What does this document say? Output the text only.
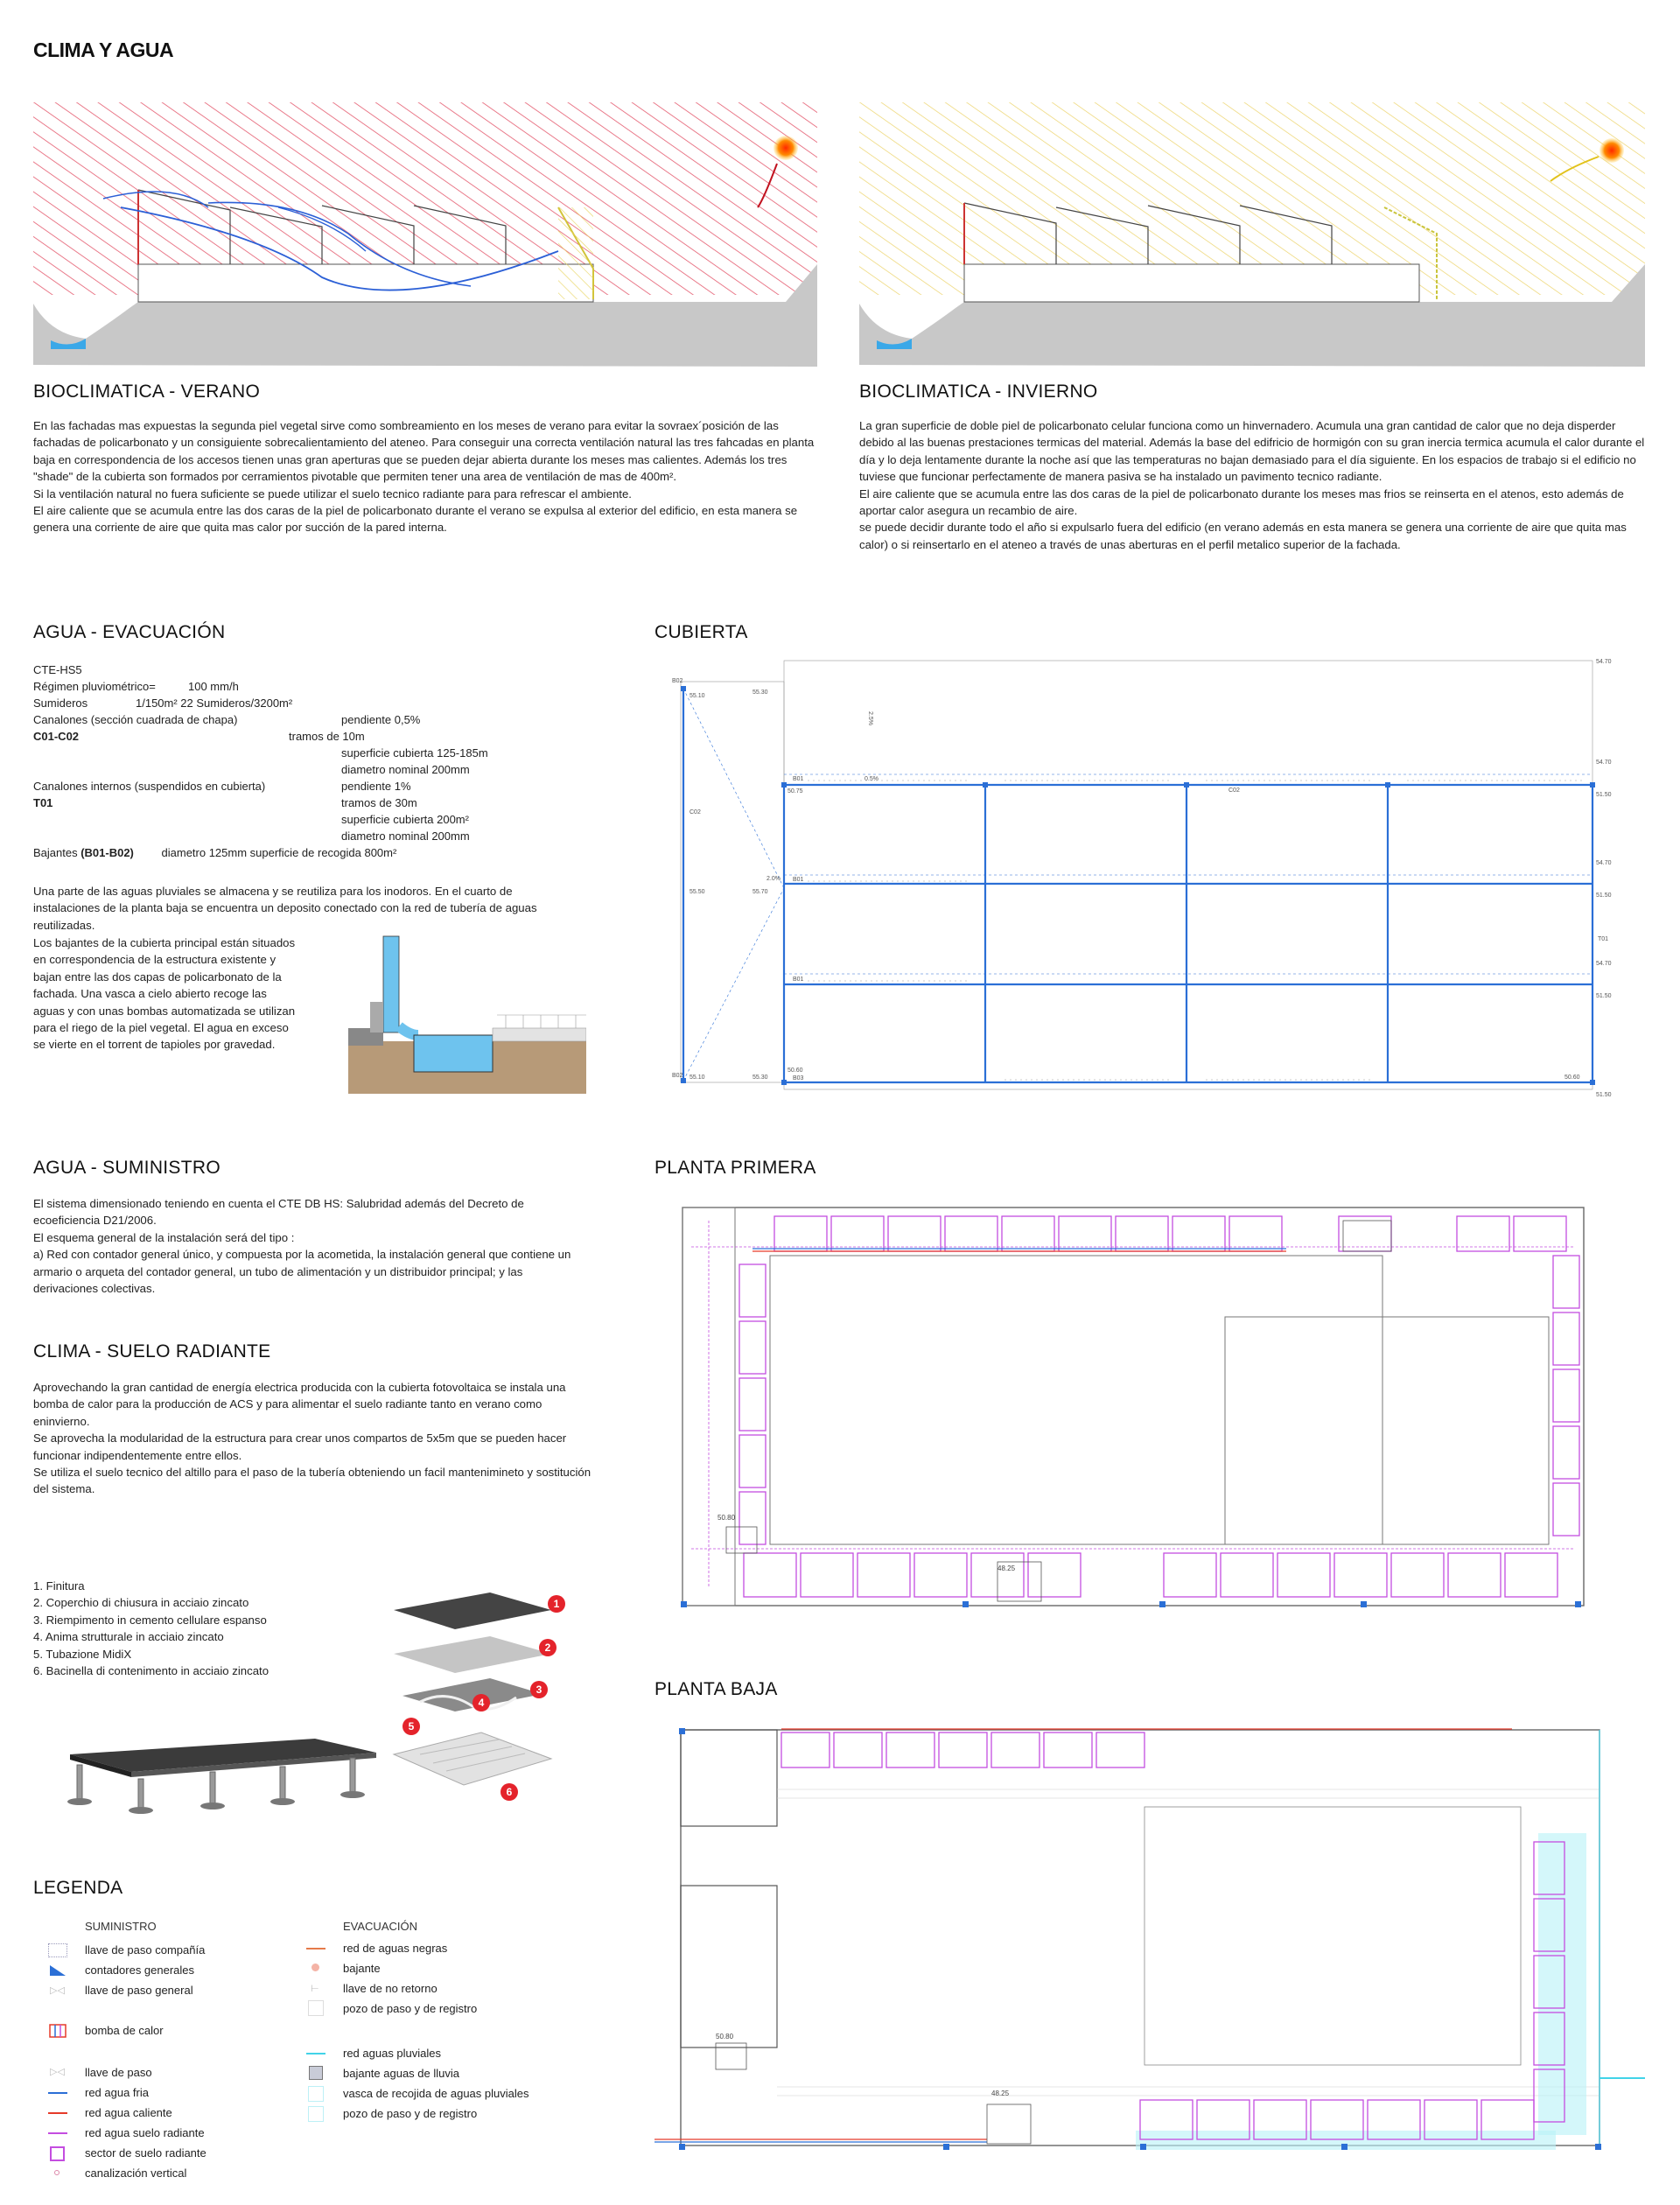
CLIMA Y AGUA
BIOCLIMATICA - VERANO

En las fachadas mas expuestas la segunda piel vegetal sirve como sombreamiento en los meses de verano para evitar la sovraex´posición de las fachadas de policarbonato y un consiguiente sobrecalientamiento del ateneo. Para conseguir una correcta ventilación natural las tres fahcadas en planta baja en correspondencia de los accesos tienen unas gran aperturas que se pueden dejar abierta durante los meses mas calientes. Además los tres "shade" de la cubierta son formados por cerramientos pivotable que permiten tener una area de ventilación de mas de 400m².

Si la ventilación natural no fuera suficiente se puede utilizar el suelo tecnico radiante para para refrescar el ambiente.

El aire caliente que se acumula entre las dos caras de la piel de policarbonato durante el verano se expulsa al exterior del edificio, en esta manera se genera una corriente de aire que quita mas calor por succión de la pared interna.

BIOCLIMATICA - INVIERNO

La gran superficie de doble piel de policarbonato celular funciona como un hinvernadero. Acumula una gran cantidad de calor que no deja disperder debido al las buenas prestaciones termicas del material. Además la base del edifricio de hormigón con su gran inercia termica acumula el calor durante el día y lo deja lentamente durante la noche así que las temperaturas no bajan demasiado para el día siguiente. En los espacios de trabajo si el edificio no tuviese que funcionar perfectamente de manera pasiva se ha instalado un pavimento tecnico radiante.

El aire caliente que se acumula entre las dos caras de la piel de policarbonato durante los meses mas frios se reinserta en el atenos, esto además de aportar calor asegura un recambio de aire.

se puede decidir durante todo el año si expulsarlo fuera del edificio (en verano además en esta manera se genera una corriente de aire que quita mas calor) o si reinsertarlo en el ateneo a través de unas aberturas en el perfil metalico superior de la fachada.

AGUA - EVACUACIÓN
CTE-HS5
Régimen pluviométrico=	100 mm/h
Sumideros	1/150m² 22 Sumideros/3200m²
Canalones (sección cuadrada de chapa)	pendiente 0,5%
C01-C02	tramos de 10m
superficie cubierta 125-185m
diametro nominal 200mm
Canalones internos (suspendidos en cubierta)	pendiente 1%
T01	tramos de 30m
superficie cubierta 200m²
diametro nominal 200mm
Bajantes (B01-B02) diametro 125mm superficie de recogida 800m²
Una parte de las aguas pluviales se almacena y se reutiliza para los inodoros. En el cuarto de instalaciones de la planta baja se encuentra un deposito conectado con la red de tubería de aguas reutilizadas.
Los bajantes de la cubierta principal están situados en correspondencia de la estructura existente y bajan entre las dos capas de policarbonato de la fachada. Una vasca a cielo abierto recoge las aguas y con unas bombas automatizada se utilizan para el riego de la piel vegetal. El agua en exceso se vierte en el torrent de tapioles por gravedad.
CUBIERTA
54.70
54.70
54.70
54.70
51.50
51.50
51.50
51.50
55.10
55.50
55.10
55.30
55.70
55.30
50.75
50.60
50.60
B02
B02
C02
C02
B01
B01
B01
B03
T01
2.0%
0.5%
2.5%
AGUA - SUMINISTRO

El sistema dimensionado teniendo en cuenta el CTE DB HS: Salubridad además del Decreto de ecoeficiencia D21/2006.

El esquema general de la instalación será del tipo :

a) Red con contador general único, y compuesta por la acometida, la instalación general que contiene un armario o arqueta del contador general, un tubo de alimentación y un distribuidor principal; y las derivaciones colectivas.

CLIMA - SUELO RADIANTE

Aprovechando la gran cantidad de energía electrica producida con la cubierta fotovoltaica se instala una bomba de calor para la producción de ACS y para alimentar el suelo radiante tanto en verano como eninvierno.

Se aprovecha la modularidad de la estructura para crear unos compartos de 5x5m que se pueden hacer funcionar indipendentemente entre ellos.

Se utiliza el suelo tecnico del altillo para el paso de la tubería obteniendo un facil mantenimineto y sostitución del sistema.

1. Finitura
2. Coperchio di chiusura in acciaio zincato
3. Riempimento in cemento cellulare espanso
4. Anima strutturale in acciaio zincato
5. Tubazione MidiX
6. Bacinella di contenimento in acciaio zincato
1
2
3
4
5
6
PLANTA PRIMERA
50.80
48.25
PLANTA BAJA
50.80
48.25
LEGENDA
SUMINISTRO	EVACUACIÓN
llave de paso compañía
contadores generales
▷◁	llave de paso general
bomba de calor
▷◁	llave de paso
red agua fria
red agua caliente
red agua suelo radiante
sector de suelo radiante
canalización vertical
red de aguas negras
bajante
⊢	llave de no retorno
pozo de paso y de registro
red aguas pluviales
bajante aguas de lluvia
vasca de recojida de aguas pluviales
pozo de paso y de registro
